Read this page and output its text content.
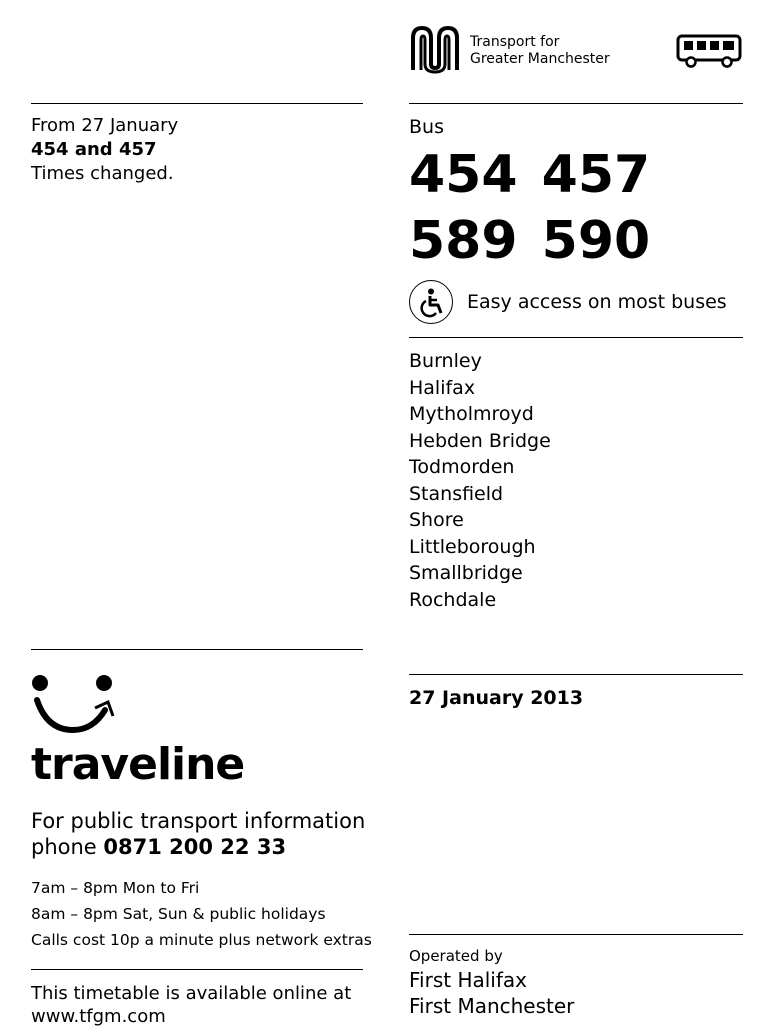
Transport for
Greater Manchester
From 27 January
454 and 457
Times changed.
Bus
454 457
589 590
Easy access on most buses
Burnley
Halifax
Mytholmroyd
Hebden Bridge
Todmorden
Stansfield
Shore
Littleborough
Smallbridge
Rochdale
27 January 2013
traveline
For public transport information
phone 0871 200 22 33
7am – 8pm Mon to Fri
8am – 8pm Sat, Sun & public holidays
Calls cost 10p a minute plus network extras
This timetable is available online at
www.tfgm.com
Operated by
First Halifax
First Manchester
